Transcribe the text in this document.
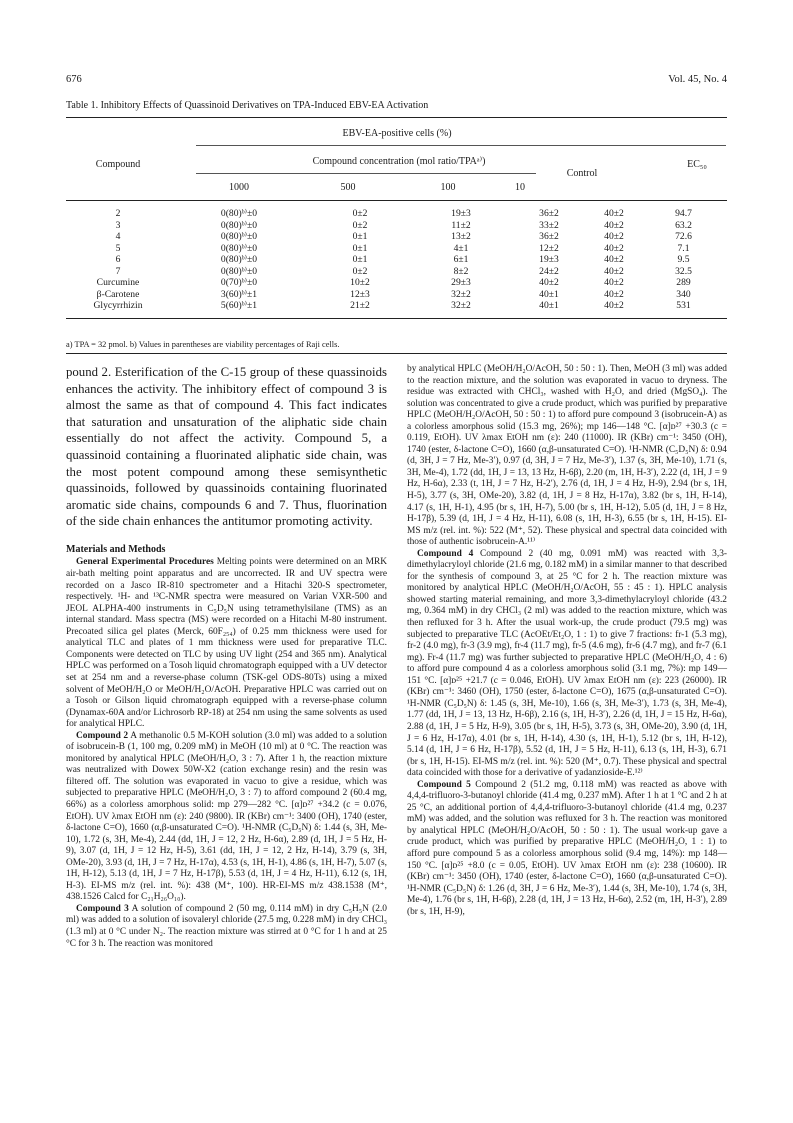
676	Vol. 45, No. 4
Table 1. Inhibitory Effects of Quassinoid Derivatives on TPA-Induced EBV-EA Activation
EBV-EA-positive cells (%)
Compound concentration (mol ratio/TPAᵃ⁾)
Compound
Control
EC₅₀
1000	500	100	10
2	0(80)ᵇ⁾±0	0±2	19±3	36±2	40±2	94.7
3	0(80)ᵇ⁾±0	0±2	11±2	33±2	40±2	63.2
4	0(80)ᵇ⁾±0	0±1	13±2	36±2	40±2	72.6
5	0(80)ᵇ⁾±0	0±1	4±1	12±2	40±2	7.1
6	0(80)ᵇ⁾±0	0±1	6±1	19±3	40±2	9.5
7	0(80)ᵇ⁾±0	0±2	8±2	24±2	40±2	32.5
Curcumine	0(70)ᵇ⁾±0	10±2	29±3	40±2	40±2	289
β-Carotene	3(60)ᵇ⁾±1	12±3	32±2	40±1	40±2	340
Glycyrrhizin	5(60)ᵇ⁾±1	21±2	32±2	40±1	40±2	531
a) TPA = 32 pmol. b) Values in parentheses are viability percentages of Raji cells.

pound 2. Esterification of the C-15 group of these quassinoids enhances the activity. The inhibitory effect of compound 3 is almost the same as that of compound 4. This fact indicates that saturation and unsaturation of the aliphatic side chain essentially do not affect the activity. Compound 5, a quassinoid containing a fluorinated aliphatic side chain, was the most potent compound among these semisynthetic quassinoids, followed by quassinoids containing fluorinated aromatic side chains, compounds 6 and 7. Thus, fluorination of the side chain enhances the antitumor promoting activity.

Materials and Methods

General Experimental Procedures Melting points were determined on an MRK air-bath melting point apparatus and are uncorrected. IR and UV spectra were recorded on a Jasco IR-810 spectrometer and a Hitachi 320-S spectrometer, respectively. ¹H- and ¹³C-NMR spectra were measured on Varian VXR-500 and JEOL ALPHA-400 instruments in C₅D₅N using tetramethylsilane (TMS) as an internal standard. Mass spectra (MS) were recorded on a Hitachi M-80 instrument. Precoated silica gel plates (Merck, 60F₂₅₄) of 0.25 mm thickness were used for analytical TLC and plates of 1 mm thickness were used for preparative TLC. Components were detected on TLC by using UV light (254 and 365 nm). Analytical HPLC was performed on a Tosoh liquid chromatograph equipped with a UV detector set at 254 nm and a reverse-phase column (TSK-gel ODS-80Ts) using a mixed solvent of MeOH/H₂O or MeOH/H₂O/AcOH. Preparative HPLC was carried out on a Tosoh or Gilson liquid chromatograph equipped with a reverse-phase column (Dynamax-60A and/or Lichrosorb RP-18) at 254 nm using the same solvents as used for analytical HPLC.

Compound 2 A methanolic 0.5 M-KOH solution (3.0 ml) was added to a solution of isobrucein-B (1, 100 mg, 0.209 mM) in MeOH (10 ml) at 0 °C. The reaction was monitored by analytical HPLC (MeOH/H₂O, 3 : 7). After 1 h, the reaction mixture was neutralized with Dowex 50W-X2 (cation exchange resin) and the resin was filtered off. The solution was evaporated in vacuo to give a residue, which was subjected to preparative HPLC (MeOH/H₂O, 3 : 7) to afford compound 2 (60.4 mg, 66%) as a colorless amorphous solid: mp 279—282 °C. [α]ᴅ²⁷ +34.2 (c = 0.076, EtOH). UV λmax EtOH nm (ε): 240 (9800). IR (KBr) cm⁻¹: 3400 (OH), 1740 (ester, δ-lactone C=O), 1660 (α,β-unsaturated C=O). ¹H-NMR (C₅D₅N) δ: 1.44 (s, 3H, Me-10), 1.72 (s, 3H, Me-4), 2.44 (dd, 1H, J = 12, 2 Hz, H-6α), 2.89 (d, 1H, J = 5 Hz, H-9), 3.07 (d, 1H, J = 12 Hz, H-5), 3.61 (dd, 1H, J = 12, 2 Hz, H-14), 3.79 (s, 3H, OMe-20), 3.93 (d, 1H, J = 7 Hz, H-17α), 4.53 (s, 1H, H-1), 4.86 (s, 1H, H-7), 5.07 (s, 1H, H-12), 5.13 (d, 1H, J = 7 Hz, H-17β), 5.53 (d, 1H, J = 4 Hz, H-11), 6.12 (s, 1H, H-3). EI-MS m/z (rel. int. %): 438 (M⁺, 100). HR-EI-MS m/z 438.1538 (M⁺, 438.1526 Calcd for C₂₁H₂₆O₁₀).

Compound 3 A solution of compound 2 (50 mg, 0.114 mM) in dry C₅H₅N (2.0 ml) was added to a solution of isovaleryl chloride (27.5 mg, 0.228 mM) in dry CHCl₃ (1.3 ml) at 0 °C under N₂. The reaction mixture was stirred at 0 °C for 1 h and at 25 °C for 3 h. The reaction was monitored

by analytical HPLC (MeOH/H₂O/AcOH, 50 : 50 : 1). Then, MeOH (3 ml) was added to the reaction mixture, and the solution was evaporated in vacuo to dryness. The residue was extracted with CHCl₃, washed with H₂O, and dried (MgSO₄). The solution was concentrated to give a crude product, which was purified by preparative HPLC (MeOH/H₂O/AcOH, 50 : 50 : 1) to afford pure compound 3 (isobrucein-A) as a colorless amorphous solid (15.3 mg, 26%); mp 146—148 °C. [α]ᴅ²⁷ +30.3 (c = 0.119, EtOH). UV λmax EtOH nm (ε): 240 (11000). IR (KBr) cm⁻¹: 3450 (OH), 1740 (ester, δ-lactone C=O), 1660 (α,β-unsaturated C=O). ¹H-NMR (C₅D₅N) δ: 0.94 (d, 3H, J = 7 Hz, Me-3′), 0.97 (d, 3H, J = 7 Hz, Me-3′), 1.37 (s, 3H, Me-10), 1.71 (s, 3H, Me-4), 1.72 (dd, 1H, J = 13, 13 Hz, H-6β), 2.20 (m, 1H, H-3′), 2.22 (d, 1H, J = 9 Hz, H-6α), 2.33 (t, 1H, J = 7 Hz, H-2′), 2.76 (d, 1H, J = 4 Hz, H-9), 2.94 (br s, 1H, H-5), 3.77 (s, 3H, OMe-20), 3.82 (d, 1H, J = 8 Hz, H-17α), 3.82 (br s, 1H, H-14), 4.17 (s, 1H, H-1), 4.95 (br s, 1H, H-7), 5.00 (br s, 1H, H-12), 5.05 (d, 1H, J = 8 Hz, H-17β), 5.39 (d, 1H, J = 4 Hz, H-11), 6.08 (s, 1H, H-3), 6.55 (br s, 1H, H-15). EI-MS m/z (rel. int. %): 522 (M⁺, 52). These physical and spectral data coincided with those of authentic isobrucein-A.¹¹⁾

Compound 4 Compound 2 (40 mg, 0.091 mM) was reacted with 3,3-dimethylacryloyl chloride (21.6 mg, 0.182 mM) in a similar manner to that described for the synthesis of compound 3, at 25 °C for 2 h. The reaction mixture was monitored by analytical HPLC (MeOH/H₂O/AcOH, 55 : 45 : 1). HPLC analysis showed starting material remaining, and more 3,3-dimethylacryloyl chloride (43.2 mg, 0.364 mM) in dry CHCl₃ (2 ml) was added to the reaction mixture, which was then refluxed for 3 h. After the usual work-up, the crude product (79.5 mg) was subjected to preparative TLC (AcOEt/Et₂O, 1 : 1) to give 7 fractions: fr-1 (5.3 mg), fr-2 (4.0 mg), fr-3 (3.9 mg), fr-4 (11.7 mg), fr-5 (4.6 mg), fr-6 (4.7 mg), and fr-7 (6.1 mg). Fr-4 (11.7 mg) was further subjected to preparative HPLC (MeOH/H₂O, 4 : 6) to afford pure compound 4 as a colorless amorphous solid (3.1 mg, 7%): mp 149—151 °C. [α]ᴅ²⁵ +21.7 (c = 0.046, EtOH). UV λmax EtOH nm (ε): 223 (26000). IR (KBr) cm⁻¹: 3460 (OH), 1750 (ester, δ-lactone C=O), 1675 (α,β-unsaturated C=O). ¹H-NMR (C₅D₅N) δ: 1.45 (s, 3H, Me-10), 1.66 (s, 3H, Me-3′), 1.73 (s, 3H, Me-4), 1.77 (dd, 1H, J = 13, 13 Hz, H-6β), 2.16 (s, 1H, H-3′), 2.26 (d, 1H, J = 15 Hz, H-6α), 2.88 (d, 1H, J = 5 Hz, H-9), 3.05 (br s, 1H, H-5), 3.73 (s, 3H, OMe-20), 3.90 (d, 1H, J = 6 Hz, H-17α), 4.01 (br s, 1H, H-14), 4.30 (s, 1H, H-1), 5.12 (br s, 1H, H-12), 5.14 (d, 1H, J = 6 Hz, H-17β), 5.52 (d, 1H, J = 5 Hz, H-11), 6.13 (s, 1H, H-3), 6.71 (br s, 1H, H-15). EI-MS m/z (rel. int. %): 520 (M⁺, 0.7). These physical and spectral data coincided with those for a derivative of yadanzioside-E.¹²⁾

Compound 5 Compound 2 (51.2 mg, 0.118 mM) was reacted as above with 4,4,4-trifluoro-3-butanoyl chloride (41.4 mg, 0.237 mM). After 1 h at 1 °C and 2 h at 25 °C, an additional portion of 4,4,4-trifluoro-3-butanoyl chloride (41.4 mg, 0.237 mM) was added, and the solution was refluxed for 3 h. The reaction was monitored by analytical HPLC (MeOH/H₂O/AcOH, 50 : 50 : 1). The usual work-up gave a crude product, which was purified by preparative HPLC (MeOH/H₂O, 1 : 1) to afford pure compound 5 as a colorless amorphous solid (9.4 mg, 14%): mp 148—150 °C. [α]ᴅ²⁵ +8.0 (c = 0.05, EtOH). UV λmax EtOH nm (ε): 238 (10600). IR (KBr) cm⁻¹: 3450 (OH), 1740 (ester, δ-lactone C=O), 1660 (α,β-unsaturated C=O). ¹H-NMR (C₅D₅N) δ: 1.26 (d, 3H, J = 6 Hz, Me-3′), 1.44 (s, 3H, Me-10), 1.74 (s, 3H, Me-4), 1.76 (br s, 1H, H-6β), 2.28 (d, 1H, J = 13 Hz, H-6α), 2.52 (m, 1H, H-3′), 2.89 (br s, 1H, H-9),
